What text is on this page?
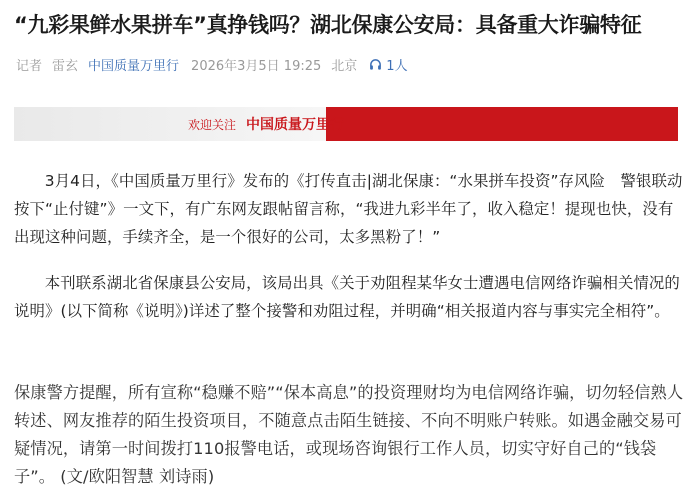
“九彩果鲜水果拼车”真挣钱吗？湖北保康公安局：具备重大诈骗特征
记者 雷玄 中国质量万里行 2026年3月5日 19:25 北京 1人
欢迎关注 中国质量万里行

3月4日，《中国质量万里行》发布的《打传直击|湖北保康：“水果拼车投资”存风险　警银联动按下“止付键”》一文下，有广东网友跟帖留言称，“我进九彩半年了，收入稳定！提现也快，没有出现这种问题，手续齐全，是一个很好的公司，太多黑粉了！”

本刊联系湖北省保康县公安局，该局出具《关于劝阻程某华女士遭遇电信网络诈骗相关情况的说明》(以下简称《说明》)详述了整个接警和劝阻过程，并明确“相关报道内容与事实完全相符”。

保康警方提醒，所有宣称“稳赚不赔”“保本高息”的投资理财均为电信网络诈骗，切勿轻信熟人转述、网友推荐的陌生投资项目，不随意点击陌生链接、不向不明账户转账。如遇金融交易可疑情况，请第一时间拨打110报警电话，或现场咨询银行工作人员，切实守好自己的“钱袋子”。 (文/欧阳智慧 刘诗雨)
